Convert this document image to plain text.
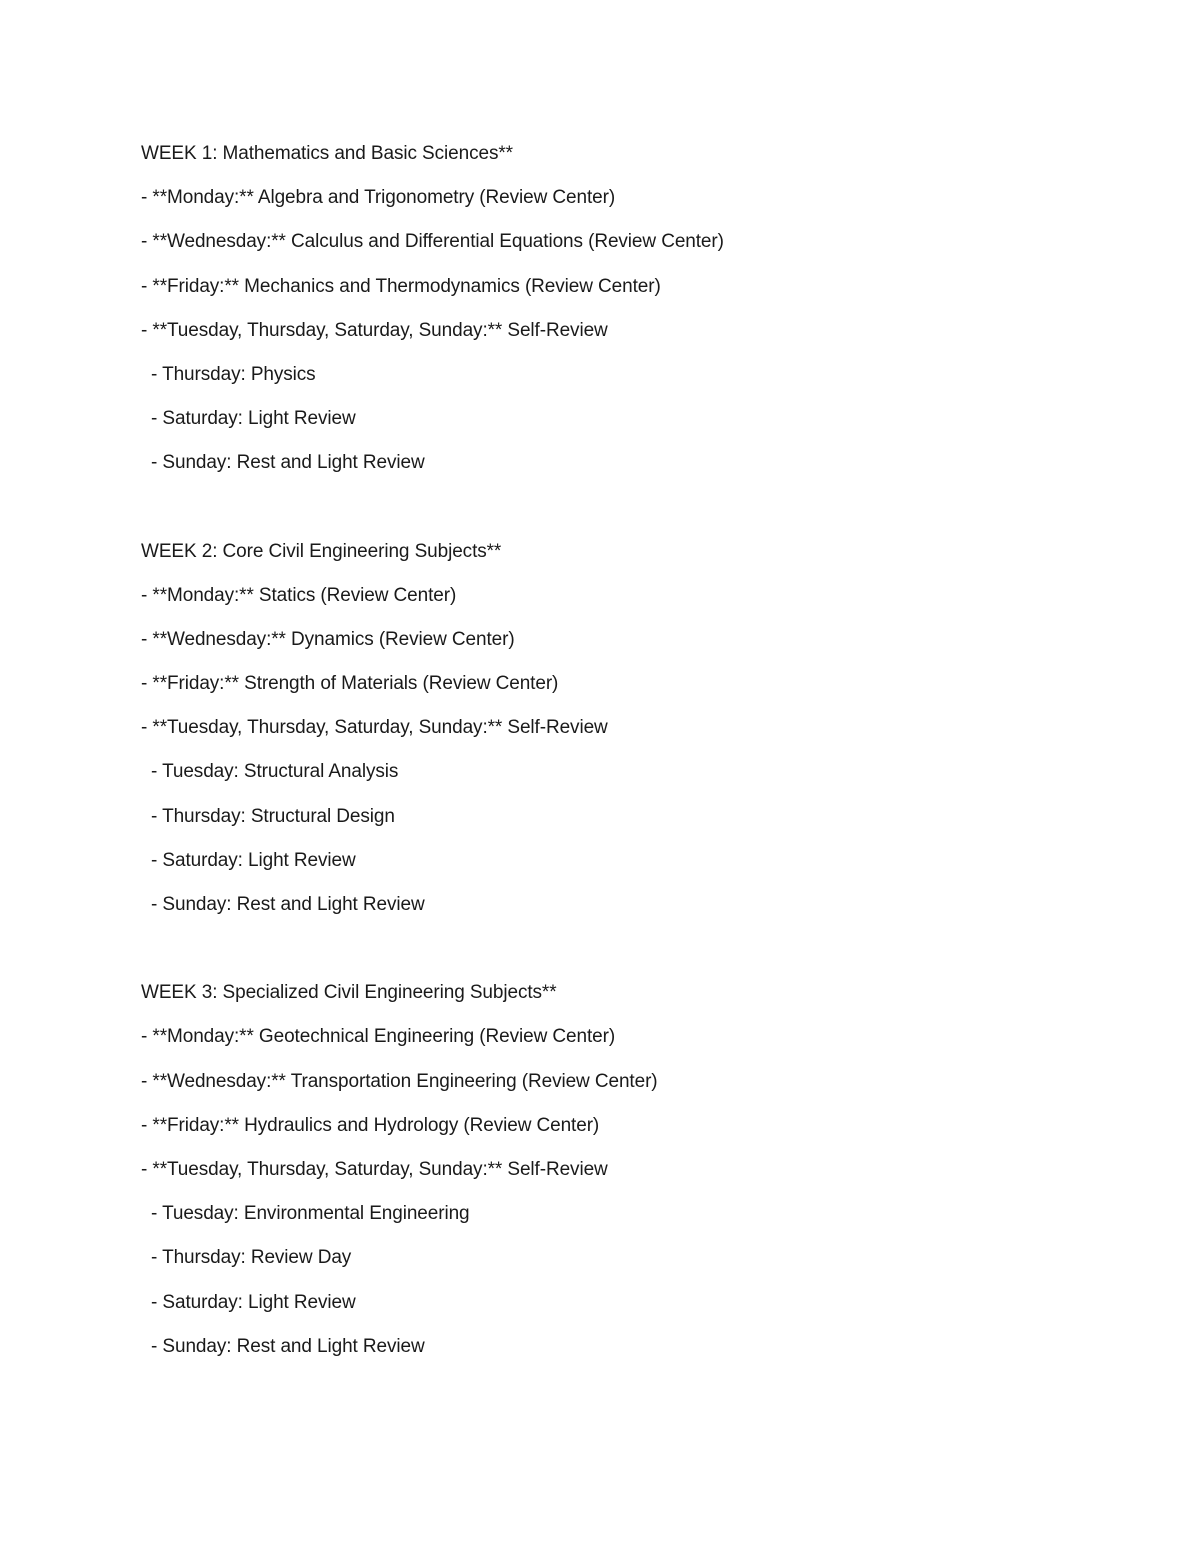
WEEK 1: Mathematics and Basic Sciences**
- **Monday:** Algebra and Trigonometry (Review Center)
- **Wednesday:** Calculus and Differential Equations (Review Center)
- **Friday:** Mechanics and Thermodynamics (Review Center)
- **Tuesday, Thursday, Saturday, Sunday:** Self-Review
- Thursday: Physics
- Saturday: Light Review
- Sunday: Rest and Light Review
WEEK 2: Core Civil Engineering Subjects**
- **Monday:** Statics (Review Center)
- **Wednesday:** Dynamics (Review Center)
- **Friday:** Strength of Materials (Review Center)
- **Tuesday, Thursday, Saturday, Sunday:** Self-Review
- Tuesday: Structural Analysis
- Thursday: Structural Design
- Saturday: Light Review
- Sunday: Rest and Light Review
WEEK 3: Specialized Civil Engineering Subjects**
- **Monday:** Geotechnical Engineering (Review Center)
- **Wednesday:** Transportation Engineering (Review Center)
- **Friday:** Hydraulics and Hydrology (Review Center)
- **Tuesday, Thursday, Saturday, Sunday:** Self-Review
- Tuesday: Environmental Engineering
- Thursday: Review Day
- Saturday: Light Review
- Sunday: Rest and Light Review
